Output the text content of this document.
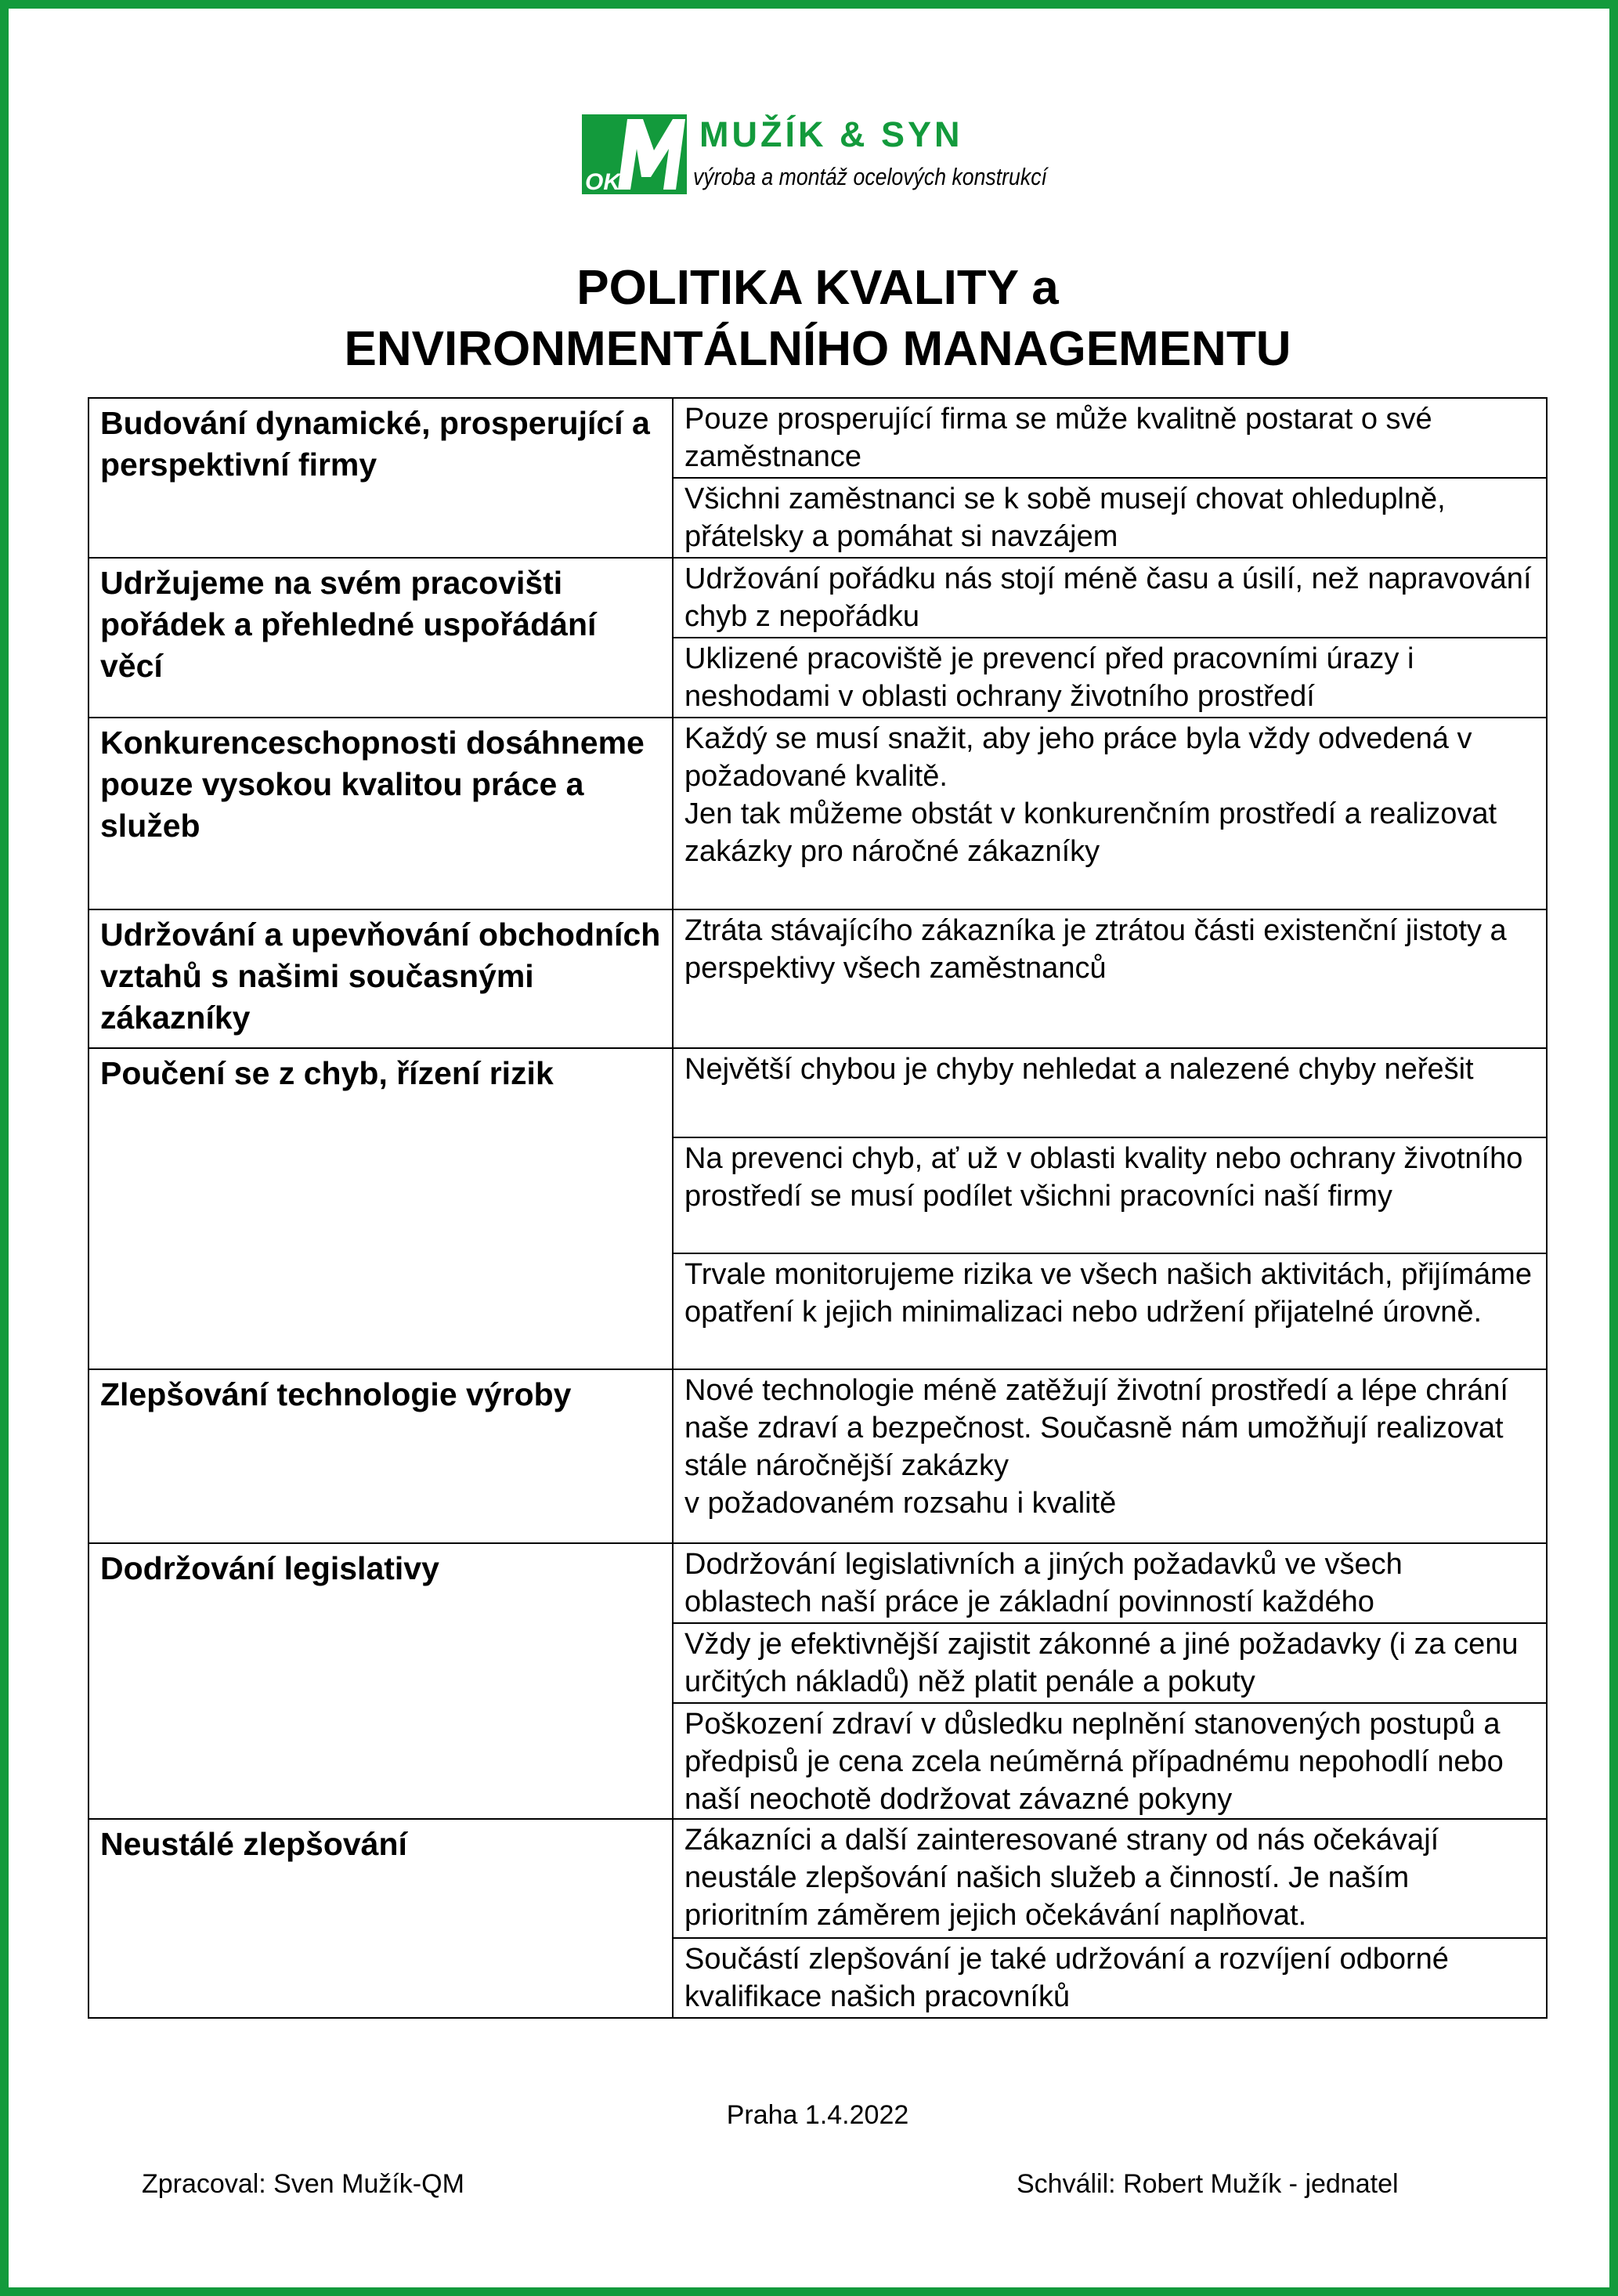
OK
MUŽÍK & SYN
výroba a montáž ocelových konstrukcí
POLITIKA KVALITY a
ENVIRONMENTÁLNÍHO MANAGEMENTU
Budování dynamické, prosperující a perspektivní firmy	Pouze prosperující firma se může kvalitně postarat o své zaměstnance

	Všichni zaměstnanci se k sobě musejí chovat ohleduplně, přátelsky a pomáhat si navzájem

Udržujeme na svém pracovišti pořádek a přehledné uspořádání věcí	Udržování pořádku nás stojí méně času a úsilí, než napravování chyb z nepořádku

	Uklizené pracoviště je prevencí před pracovními úrazy i neshodami v oblasti ochrany životního prostředí

Konkurenceschopnosti dosáhneme pouze vysokou kvalitou práce a služeb	Každý se musí snažit, aby jeho práce byla vždy odvedená v požadované kvalitě.
Jen tak můžeme obstát v konkurenčním prostředí a realizovat zakázky pro náročné zákazníky

Udržování a upevňování obchodních vztahů s našimi současnými zákazníky	Ztráta stávajícího zákazníka je ztrátou části existenční jistoty a perspektivy všech zaměstnanců

Poučení se z chyb, řízení rizik	Největší chybou je chyby nehledat a nalezené chyby neřešit

	Na prevenci chyb, ať už v oblasti kvality nebo ochrany životního prostředí se musí podílet všichni pracovníci naší firmy

	Trvale monitorujeme rizika ve všech našich aktivitách, přijímáme opatření k jejich minimalizaci nebo udržení přijatelné úrovně.

Zlepšování technologie výroby	Nové technologie méně zatěžují životní prostředí a lépe chrání naše zdraví a bezpečnost. Současně nám umožňují realizovat stále náročnější zakázky
v požadovaném rozsahu i kvalitě

Dodržování legislativy	Dodržování legislativních a jiných požadavků ve všech oblastech naší práce je základní povinností každého

	Vždy je efektivnější zajistit zákonné a jiné požadavky (i za cenu určitých nákladů) něž platit penále a pokuty

	Poškození zdraví v důsledku neplnění stanovených postupů a předpisů je cena zcela neúměrná případnému nepohodlí nebo naší neochotě dodržovat závazné pokyny

Neustálé zlepšování	Zákazníci a další zainteresované strany od nás očekávají neustále zlepšování našich služeb a činností. Je naším prioritním záměrem jejich očekávání naplňovat.

	Součástí zlepšování je také udržování a rozvíjení odborné kvalifikace našich pracovníků
Praha 1.4.2022
Zpracoval: Sven Mužík-QM	Schválil: Robert Mužík - jednatel
